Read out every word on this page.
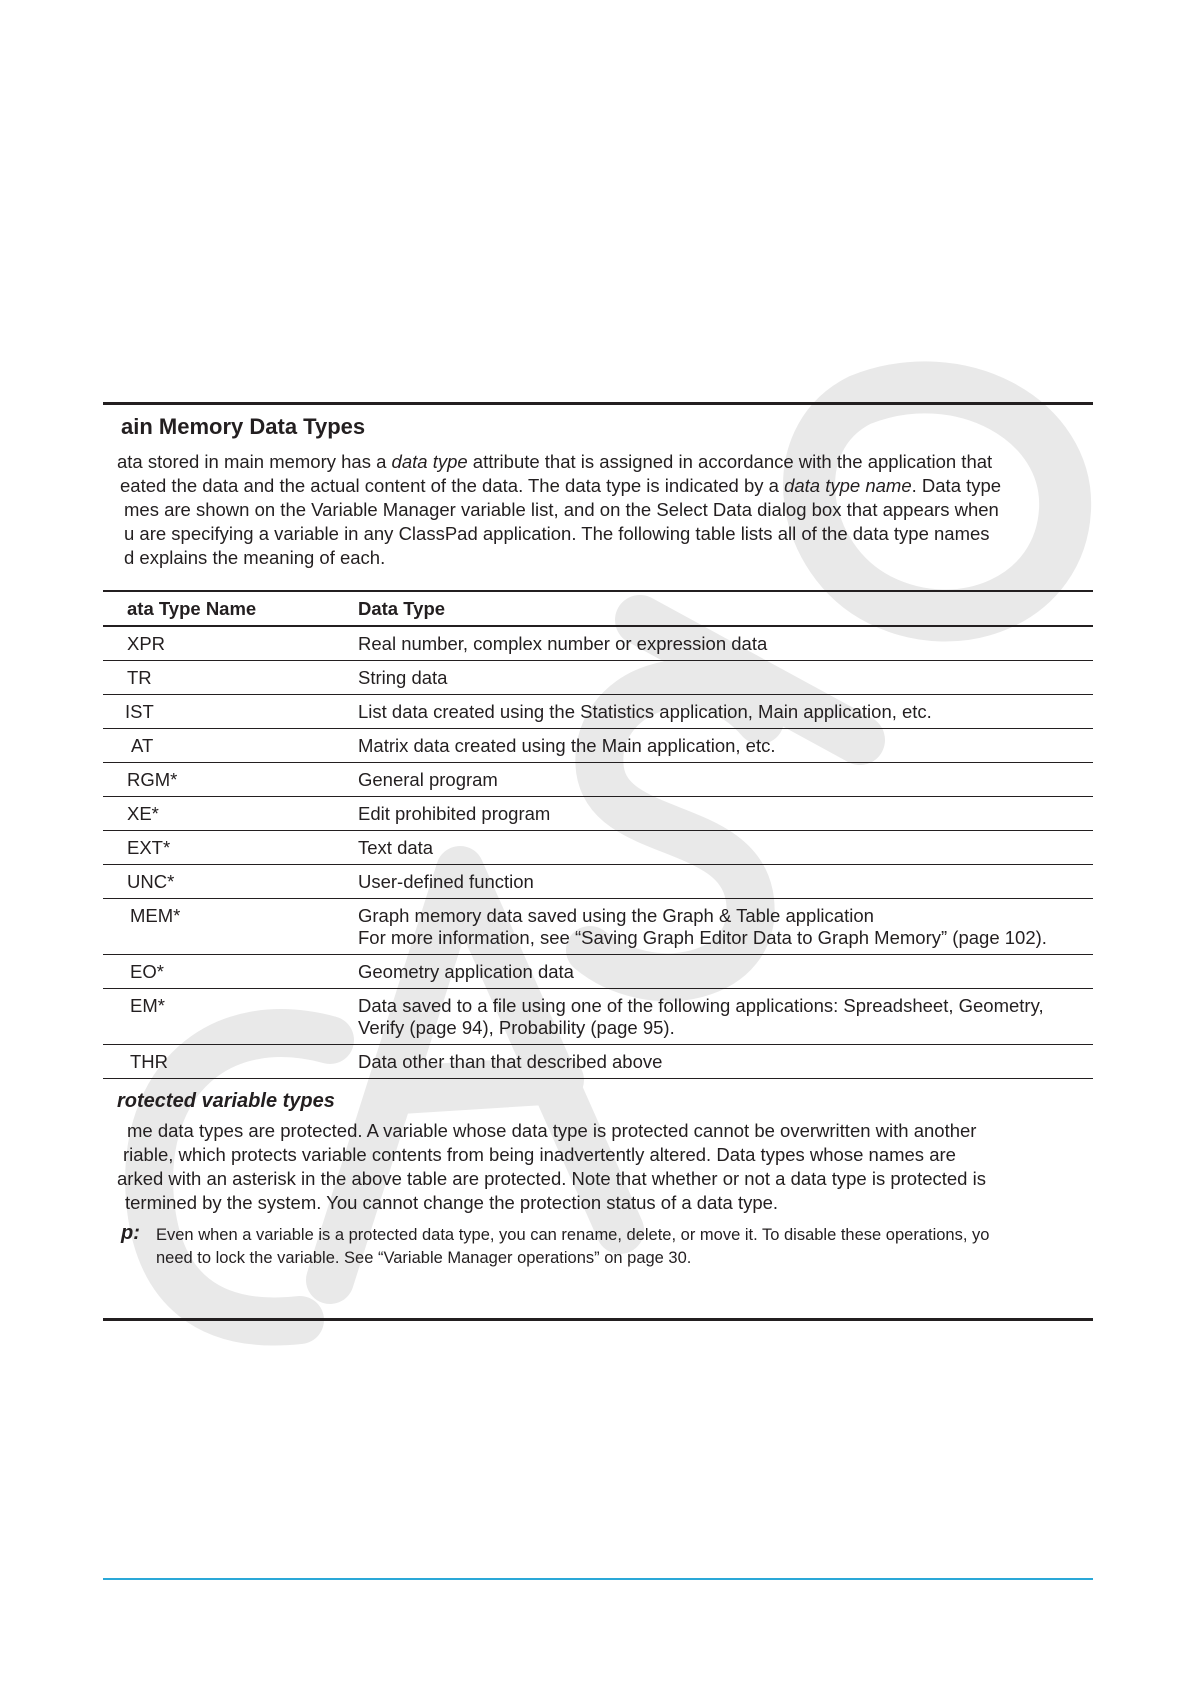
ain Memory Data Types
ata stored in main memory has a data type attribute that is assigned in accordance with the application that
eated the data and the actual content of the data. The data type is indicated by a data type name. Data type
mes are shown on the Variable Manager variable list, and on the Select Data dialog box that appears when
u are specifying a variable in any ClassPad application. The following table lists all of the data type names
d explains the meaning of each.
ata Type Name	Data Type
XPR	Real number, complex number or expression data

TR	String data

IST	List data created using the Statistics application, Main application, etc.

AT	Matrix data created using the Main application, etc.

RGM*	General program

XE*	Edit prohibited program

EXT*	Text data

UNC*	User-defined function

MEM*	Graph memory data saved using the Graph & Table application
For more information, see “Saving Graph Editor Data to Graph Memory” (page 102).

EO*	Geometry application data

EM*	Data saved to a file using one of the following applications: Spreadsheet, Geometry,
Verify (page 94), Probability (page 95).

THR	Data other than that described above
rotected variable types
me data types are protected. A variable whose data type is protected cannot be overwritten with another
riable, which protects variable contents from being inadvertently altered. Data types whose names are
arked with an asterisk in the above table are protected. Note that whether or not a data type is protected is
termined by the system. You cannot change the protection status of a data type.
p: Even when a variable is a protected data type, you can rename, delete, or move it. To disable these operations, yo
need to lock the variable. See “Variable Manager operations” on page 30.
